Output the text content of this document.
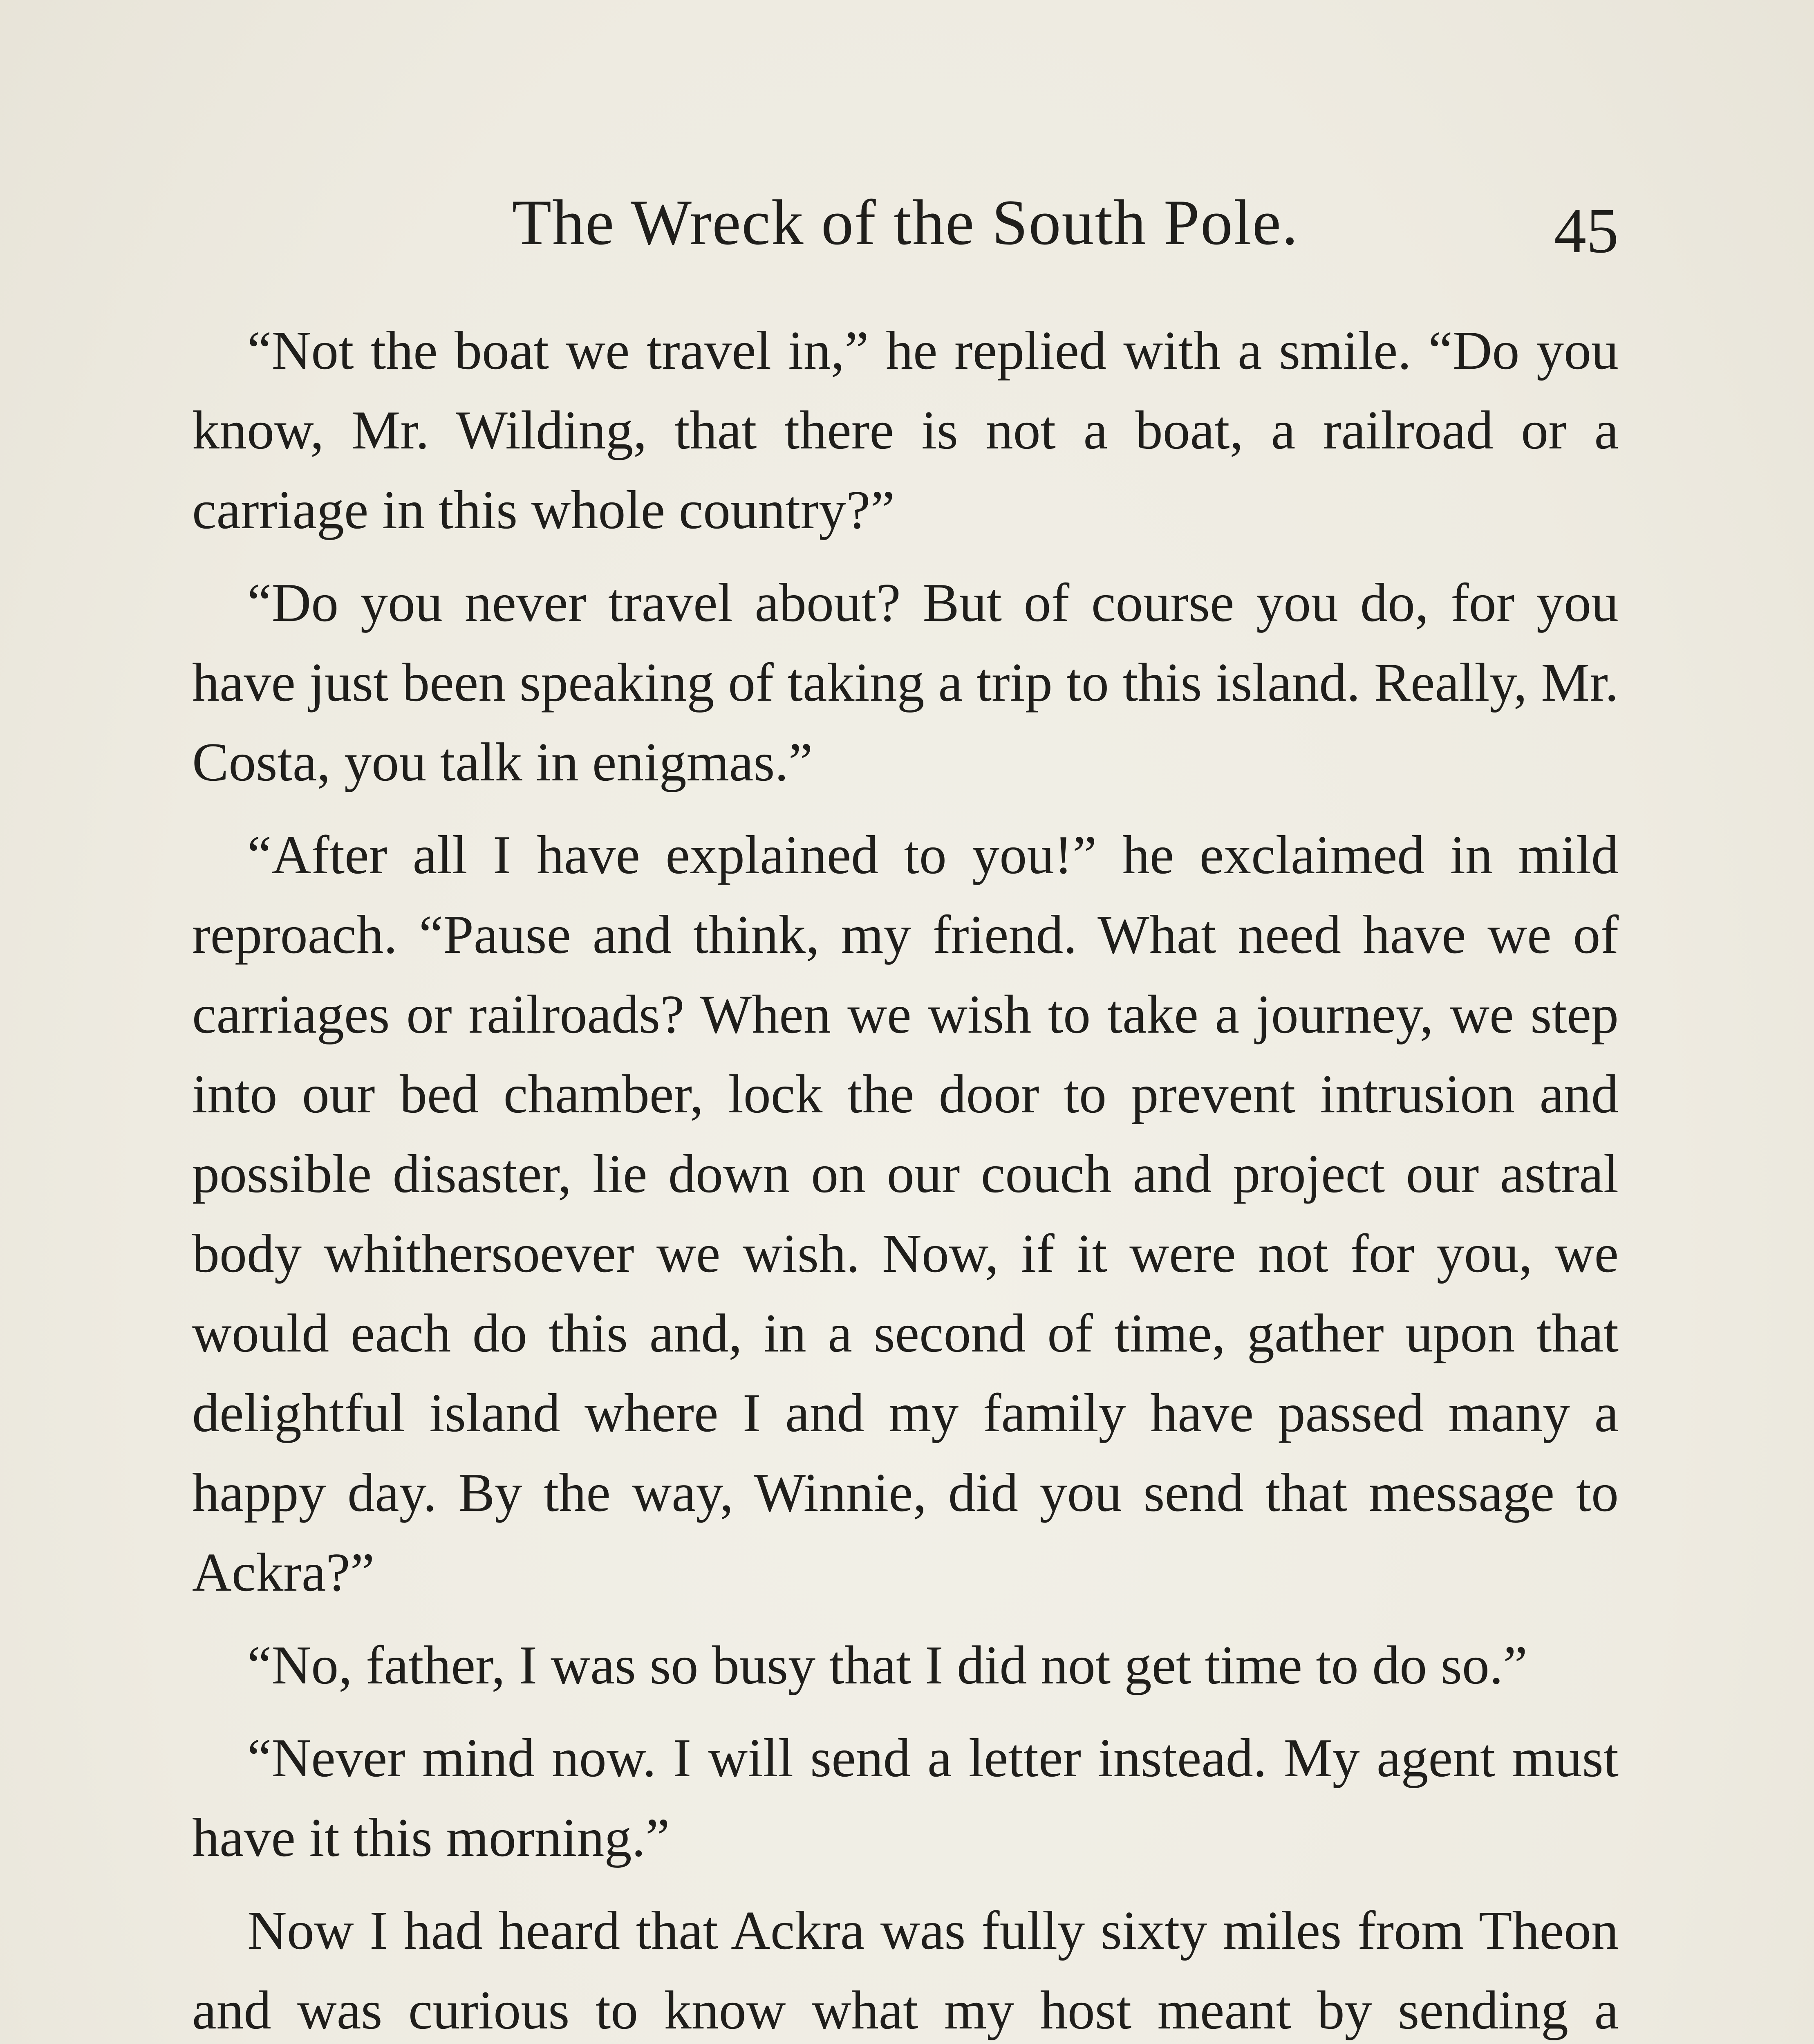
The Wreck of the South Pole.	45

“Not the boat we travel in,” he replied with a smile. “Do you know, Mr. Wilding, that there is not a boat, a railroad or a carriage in this whole country?”

“Do you never travel about? But of course you do, for you have just been speaking of taking a trip to this island. Really, Mr. Costa, you talk in enigmas.”

“After all I have explained to you!” he exclaimed in mild reproach. “Pause and think, my friend. What need have we of carriages or railroads? When we wish to take a journey, we step into our bed chamber, lock the door to prevent intrusion and possible disaster, lie down on our couch and project our astral body whithersoever we wish. Now, if it were not for you, we would each do this and, in a second of time, gather upon that delightful island where I and my family have passed many a happy day. By the way, Winnie, did you send that message to Ackra?”

“No, father, I was so busy that I did not get time to do so.”

“Never mind now. I will send a letter instead. My agent must have it this morning.”

Now I had heard that Ackra was fully sixty miles from Theon and was curious to know what my host meant by sending a
